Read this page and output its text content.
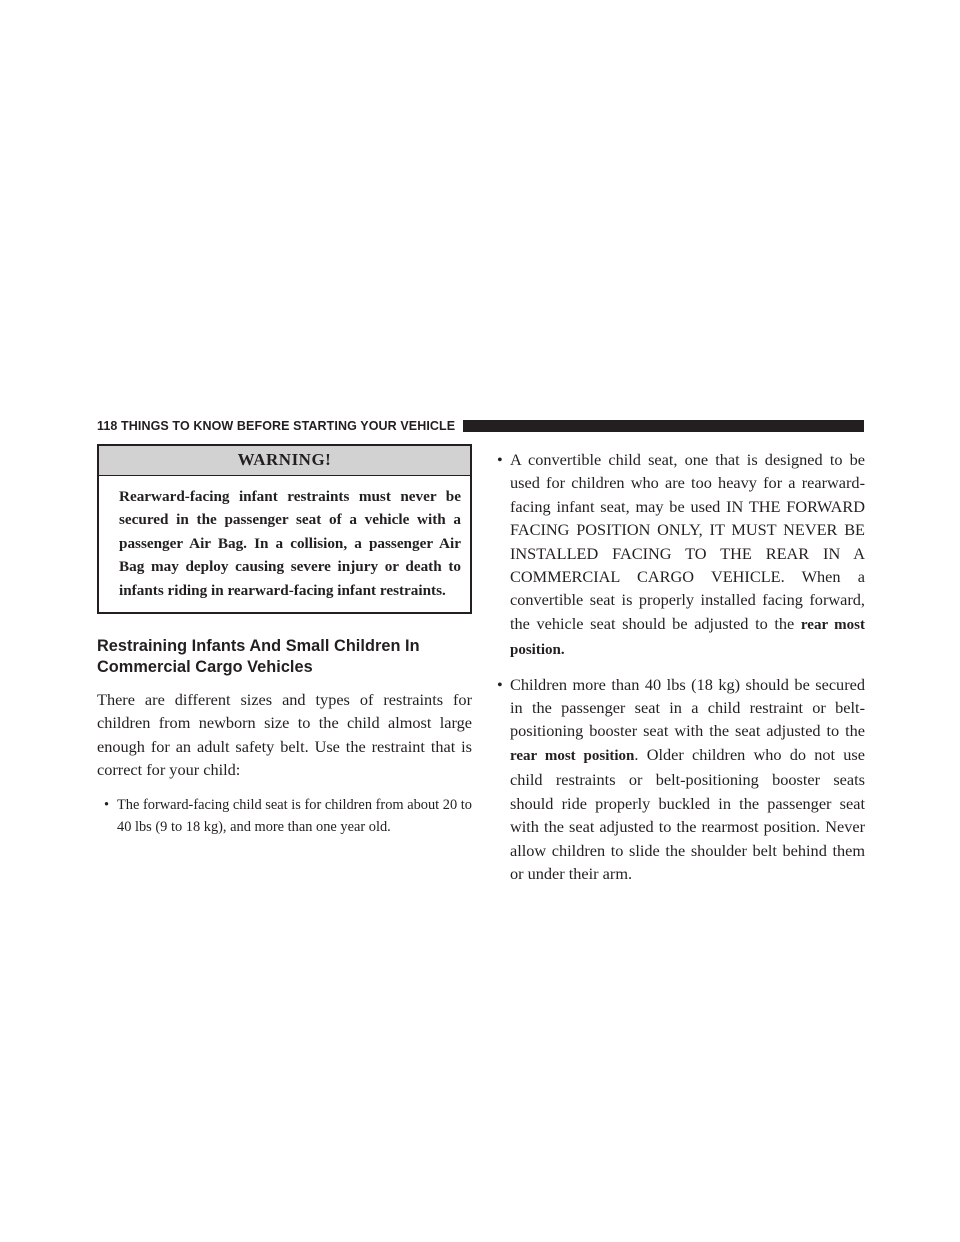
118 THINGS TO KNOW BEFORE STARTING YOUR VEHICLE
WARNING!
Rearward-facing infant restraints must never be secured in the passenger seat of a vehicle with a passenger Air Bag. In a collision, a passenger Air Bag may deploy causing severe injury or death to infants riding in rearward-facing infant restraints.
Restraining Infants And Small Children In
Commercial Cargo Vehicles
There are different sizes and types of restraints for children from newborn size to the child almost large enough for an adult safety belt. Use the restraint that is correct for your child:
• The forward-facing child seat is for children from about 20 to 40 lbs (9 to 18 kg), and more than one year old.
• A convertible child seat, one that is designed to be used for children who are too heavy for a rearward-facing infant seat, may be used IN THE FORWARD FACING POSITION ONLY, IT MUST NEVER BE INSTALLED FACING TO THE REAR IN A COMMERCIAL CARGO VEHICLE. When a convertible seat is properly installed facing forward, the vehicle seat should be adjusted to the rear most position.
• Children more than 40 lbs (18 kg) should be secured in the passenger seat in a child restraint or belt-positioning booster seat with the seat adjusted to the rear most position. Older children who do not use child restraints or belt-positioning booster seats should ride properly buckled in the passenger seat with the seat adjusted to the rearmost position. Never allow children to slide the shoulder belt behind them or under their arm.
